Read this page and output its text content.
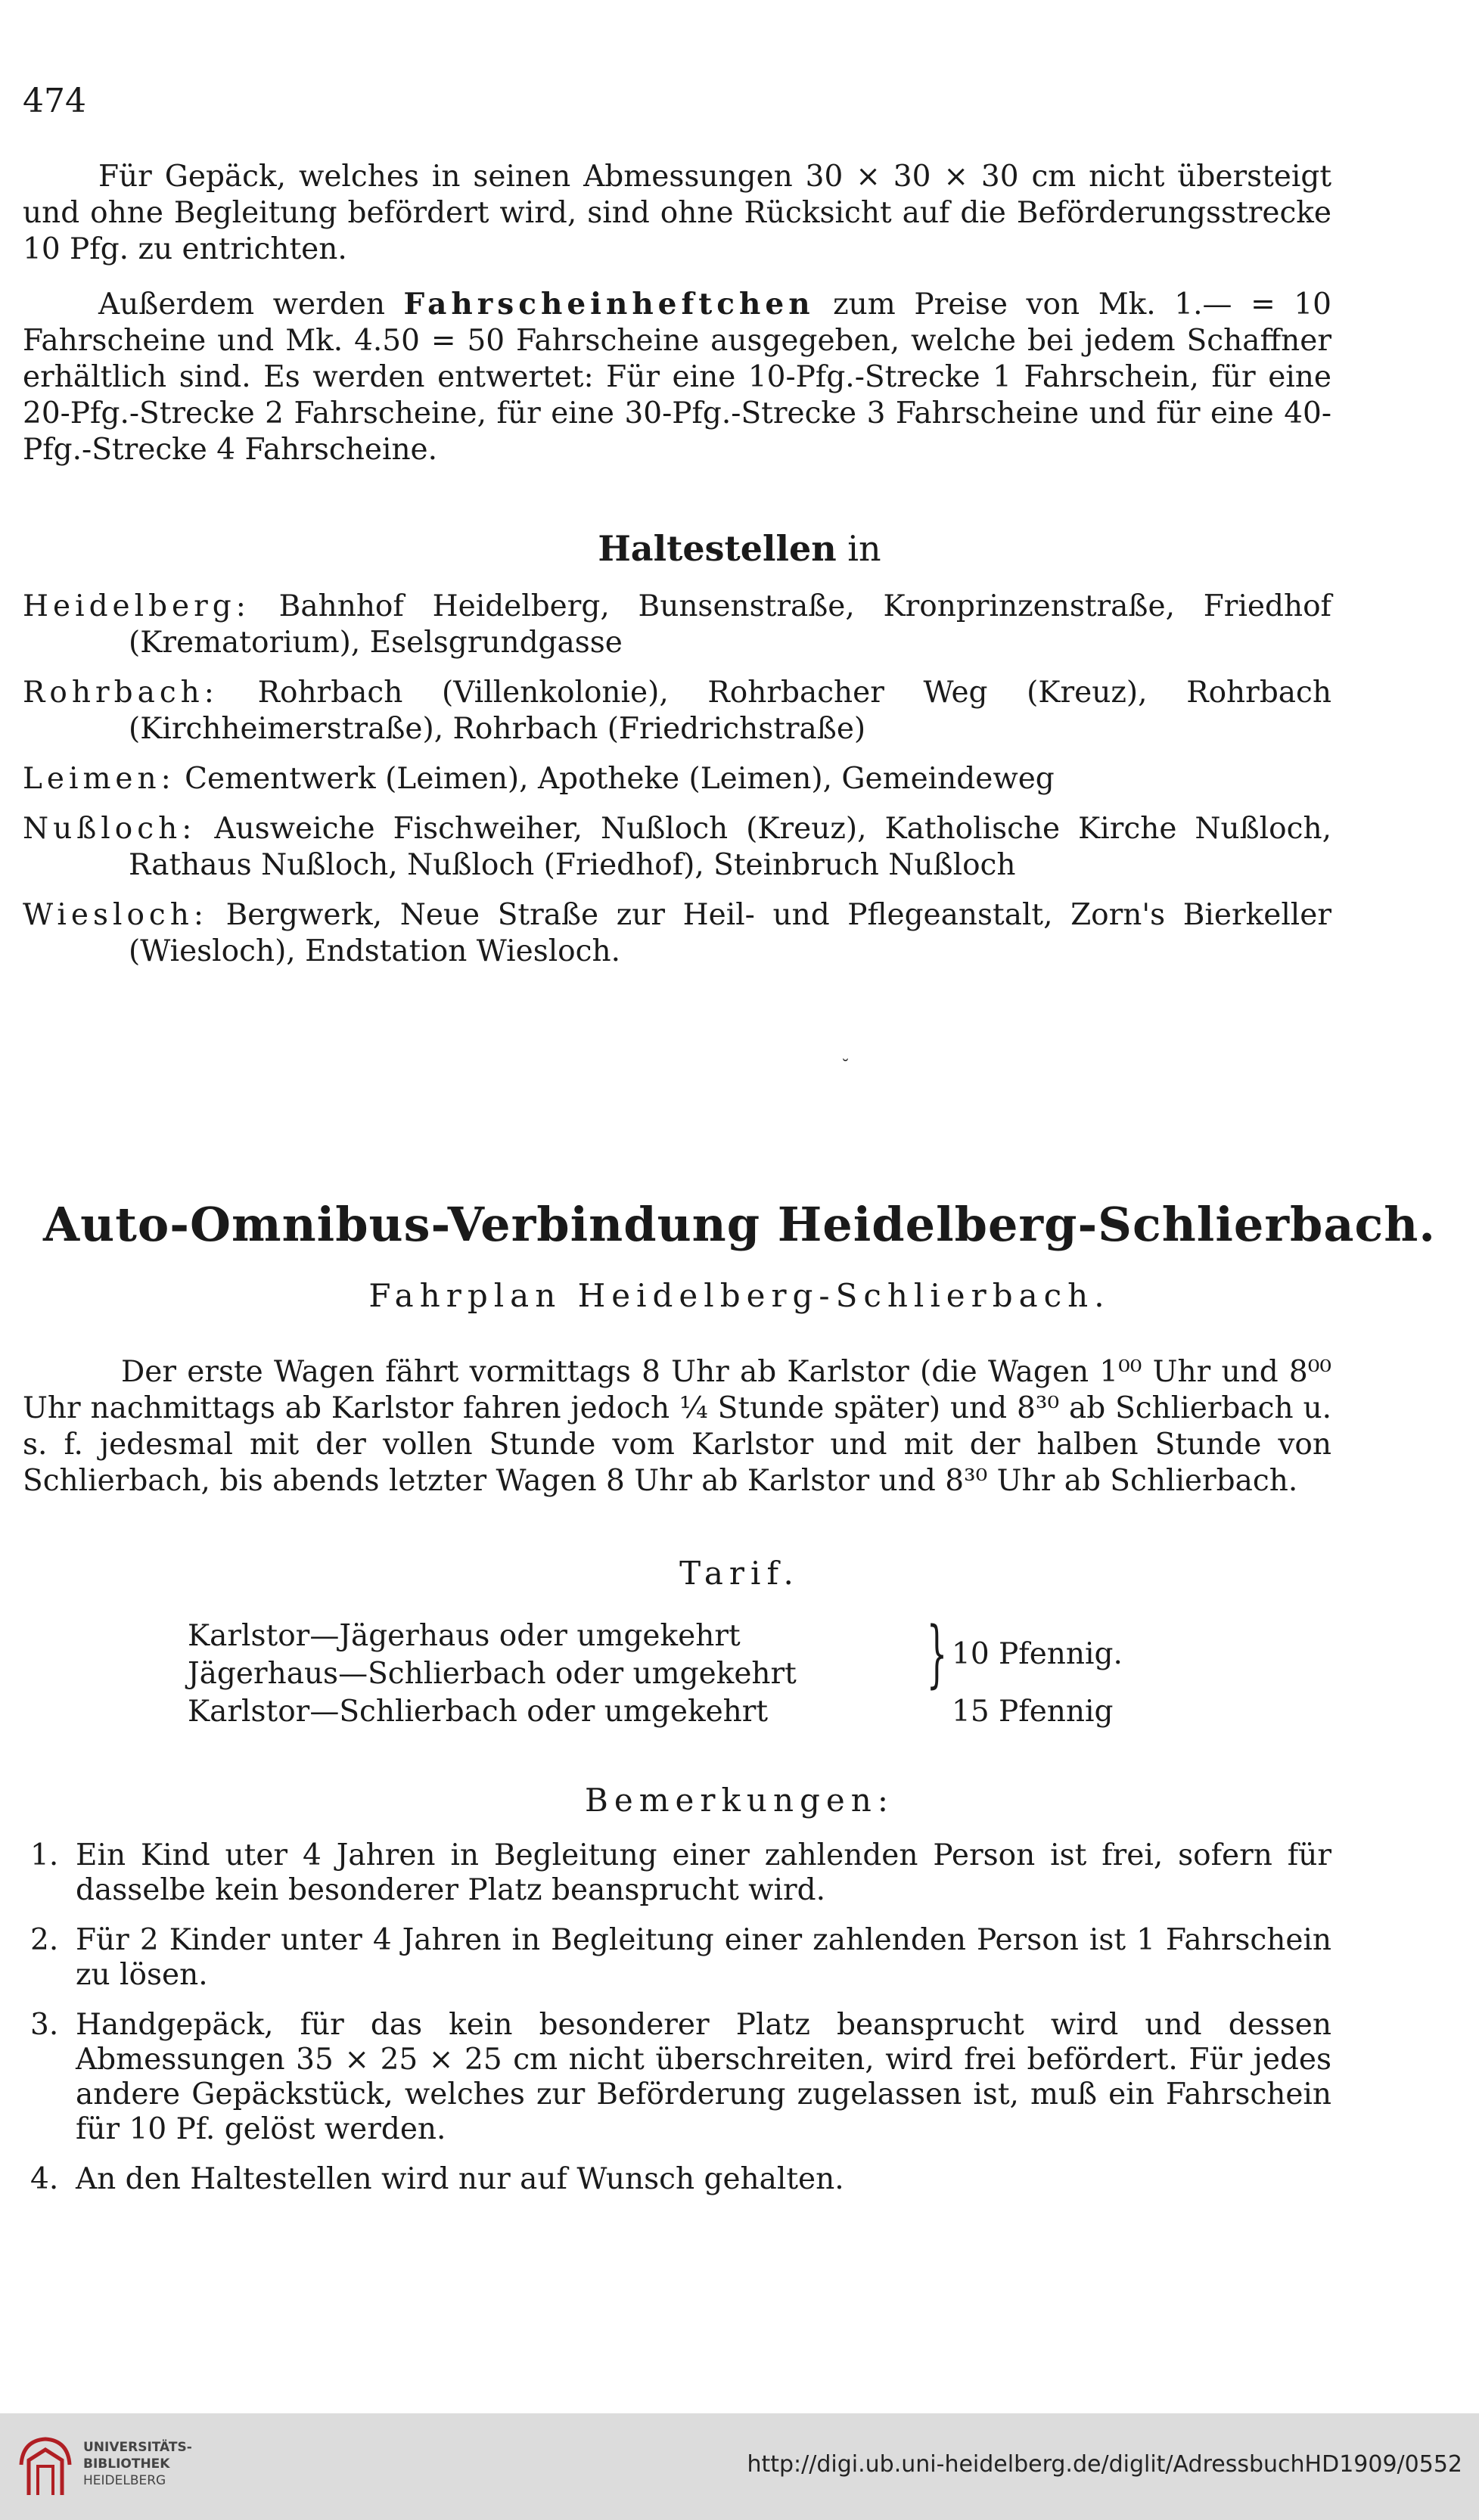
474

Für Gepäck, welches in seinen Abmessungen 30 × 30 × 30 cm nicht übersteigt und ohne Begleitung befördert wird, sind ohne Rücksicht auf die Beförderungsstrecke 10 Pfg. zu entrichten.

Außerdem werden Fahrscheinheftchen zum Preise von Mk. 1.— = 10 Fahrscheine und Mk. 4.50 = 50 Fahrscheine ausgegeben, welche bei jedem Schaffner erhältlich sind. Es werden entwertet: Für eine 10-Pfg.-Strecke 1 Fahrschein, für eine 20-Pfg.-Strecke 2 Fahrscheine, für eine 30-Pfg.-Strecke 3 Fahrscheine und für eine 40-Pfg.-Strecke 4 Fahrscheine.

Haltestellen in
Heidelberg: Bahnhof Heidelberg, Bunsenstraße, Kronprinzenstraße, Friedhof (Krematorium), Eselsgrundgasse
Rohrbach: Rohrbach (Villenkolonie), Rohrbacher Weg (Kreuz), Rohrbach (Kirchheimerstraße), Rohrbach (Friedrichstraße)
Leimen: Cementwerk (Leimen), Apotheke (Leimen), Gemeindeweg
Nußloch: Ausweiche Fischweiher, Nußloch (Kreuz), Katholische Kirche Nußloch, Rathaus Nußloch, Nußloch (Friedhof), Steinbruch Nußloch
Wiesloch: Bergwerk, Neue Straße zur Heil- und Pflegeanstalt, Zorn's Bierkeller (Wiesloch), Endstation Wiesloch.
˘
Auto-Omnibus-Verbindung Heidelberg-Schlierbach.
Fahrplan Heidelberg-Schlierbach.

Der erste Wagen fährt vormittags 8 Uhr ab Karlstor (die Wagen 1⁰⁰ Uhr und 8⁰⁰ Uhr nachmittags ab Karlstor fahren jedoch ¼ Stunde später) und 8³⁰ ab Schlierbach u. s. f. jedesmal mit der vollen Stunde vom Karlstor und mit der halben Stunde von Schlierbach, bis abends letzter Wagen 8 Uhr ab Karlstor und 8³⁰ Uhr ab Schlierbach.

Tarif.
Karlstor—Jägerhaus oder umgekehrt
Jägerhaus—Schlierbach oder umgekehrt
Karlstor—Schlierbach oder umgekehrt
} 10 Pfennig.
15 Pfennig
Bemerkungen:
1. Ein Kind uter 4 Jahren in Begleitung einer zahlenden Person ist frei, sofern für dasselbe kein besonderer Platz beansprucht wird.
2. Für 2 Kinder unter 4 Jahren in Begleitung einer zahlenden Person ist 1 Fahrschein zu lösen.
3. Handgepäck, für das kein besonderer Platz beansprucht wird und dessen Abmessungen 35 × 25 × 25 cm nicht überschreiten, wird frei befördert. Für jedes andere Gepäckstück, welches zur Beförderung zugelassen ist, muß ein Fahrschein für 10 Pf. gelöst werden.
4. An den Haltestellen wird nur auf Wunsch gehalten.
UNIVERSITÄTS-
BIBLIOTHEK
HEIDELBERG
http://digi.ub.uni-heidelberg.de/diglit/AdressbuchHD1909/0552
